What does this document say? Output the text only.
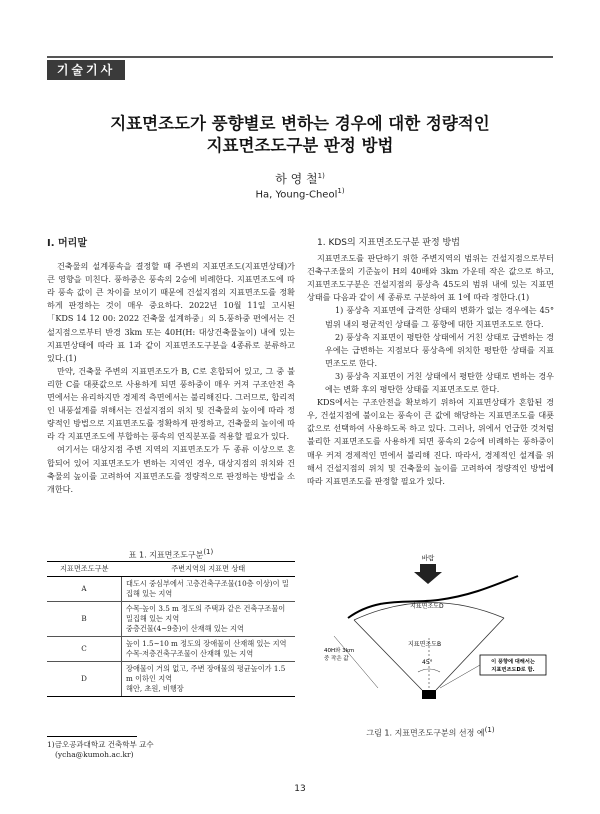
기술기사
지표면조도가 풍향별로 변하는 경우에 대한 정량적인
지표면조도구분 판정 방법
하 영 철$^{1)}$
Ha, Young-Cheol$^{1)}$
I. 머리말

건축물의 설계풍속을 결정할 때 주변의 지표면조도(지표면상태)가 큰 영향을 미친다. 풍하중은 풍속의 2승에 비례한다. 지표면조도에 따라 풍속 값이 큰 차이를 보이기 때문에 건설지점의 지표면조도를 정확하게 판정하는 것이 매우 중요하다. 2022년 10월 11일 고시된 「KDS 14 12 00: 2022 건축물 설계하중」의 5.풍하중 편에서는 건설지점으로부터 반경 3km 또는 40H(H: 대상건축물높이) 내에 있는 지표면상태에 따라 표 1과 같이 지표면조도구분을 4종류로 분류하고 있다.(1)

만약, 건축물 주변의 지표면조도가 B, C로 혼합되어 있고, 그 중 불리한 C를 대푯값으로 사용하게 되면 풍하중이 매우 커져 구조안전 측면에서는 유리하지만 경제적 측면에서는 불리해진다. 그러므로, 합리적인 내풍설계를 위해서는 건설지점의 위치 및 건축물의 높이에 따라 정량적인 방법으로 지표면조도를 정확하게 판정하고, 건축물의 높이에 따라 각 지표면조도에 부합하는 풍속의 연직분포를 적용할 필요가 있다.

여기서는 대상지점 주변 지역의 지표면조도가 두 종류 이상으로 혼합되어 있어 지표면조도가 변하는 지역인 경우, 대상지점의 위치와 건축물의 높이를 고려하여 지표면조도를 정량적으로 판정하는 방법을 소개한다.

표 1. 지표면조도구분$^{(1)}$
지표면조도구분	주변지역의 지표면 상태
A	대도시 중심부에서 고층건축구조물(10층 이상)이 밀집해 있는 지역

B	수목·높이 3.5 m 정도의 주택과 같은 건축구조물이 밀집해 있는 지역
중층건물(4~9층)이 산재해 있는 지역

C	높이 1.5~10 m 정도의 장애물이 산재해 있는 지역
수목·저층건축구조물이 산재해 있는 지역

D	장애물이 거의 없고, 주변 장애물의 평균높이가 1.5 m 이하인 지역
해안, 초원, 비행장
1)금오공과대학교 건축학부 교수
(ycha@kumoh.ac.kr)
1. KDS의 지표면조도구분 판정 방법

지표면조도를 판단하기 위한 주변지역의 범위는 건설지점으로부터 건축구조물의 기준높이 H의 40배와 3km 가운데 작은 값으로 하고, 지표면조도구분은 건설지점의 풍상측 45도의 범위 내에 있는 지표면 상태를 다음과 같이 세 종류로 구분하여 표 1에 따라 정한다.(1)

1) 풍상측 지표면에 급격한 상태의 변화가 없는 경우에는 45° 범위 내의 평균적인 상태를 그 풍향에 대한 지표면조도로 한다.

2) 풍상측 지표면이 평탄한 상태에서 거친 상태로 급변하는 경우에는 급변하는 지점보다 풍상측에 위치한 평탄한 상태를 지표면조도로 한다.

3) 풍상측 지표면이 거친 상태에서 평탄한 상태로 변하는 경우에는 변화 후의 평탄한 상태를 지표면조도로 한다.

KDS에서는 구조안전을 확보하기 위하여 지표면상태가 혼합된 경우, 건설지점에 불이요는 풍속이 큰 값에 해당하는 지표면조도를 대푯값으로 선택하여 사용하도록 하고 있다. 그러나, 위에서 언급한 것처럼 불리한 지표면조도를 사용하게 되면 풍속의 2승에 비례하는 풍하중이 매우 커져 경제적인 면에서 불리해 진다. 따라서, 경제적인 설계를 위해서 건설지점의 위치 및 건축물의 높이를 고려하여 정량적인 방법에 따라 지표면조도를 판정할 필요가 있다.

바람
지표면조도D
지표면조도B
45°
40H와 3km
중 작은 값	이 풍향에 대해서는
지표면조도D로 함.
그림 1. 지표면조도구분의 선정 예$^{(1)}$
13
